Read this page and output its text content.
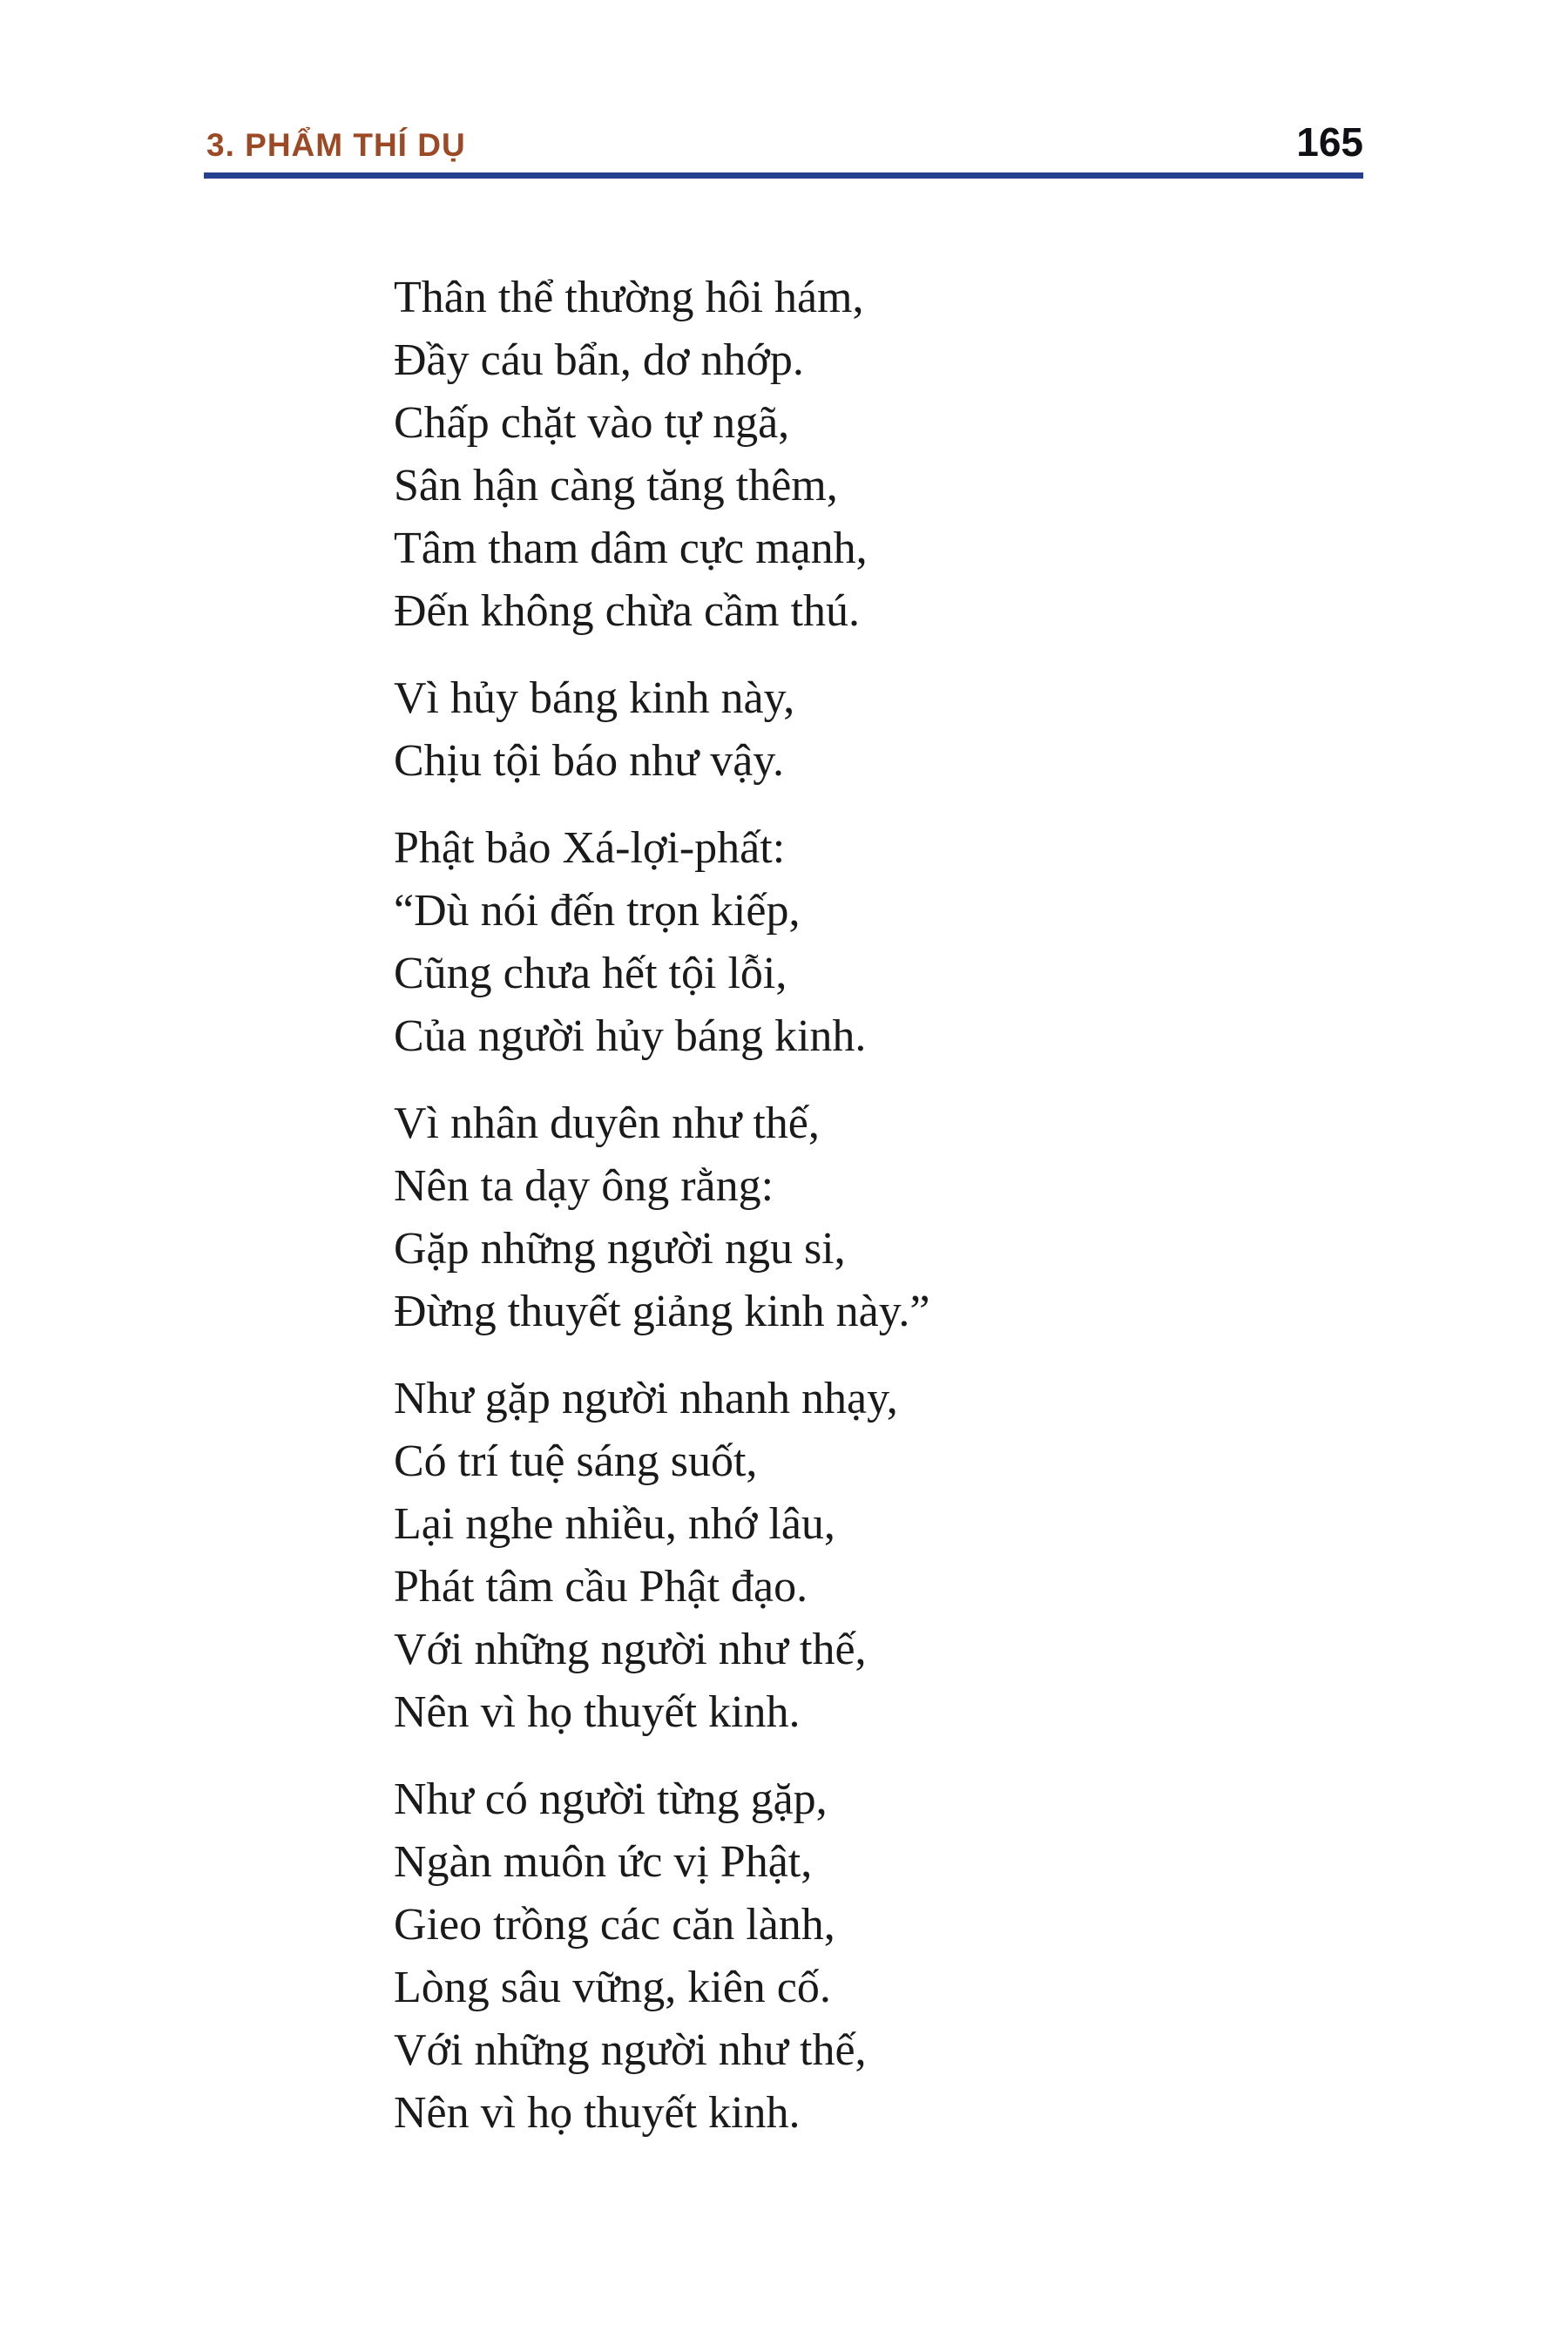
3. PHẨM THÍ DỤ	165

Thân thể thường hôi hám,

Đầy cáu bẩn, dơ nhớp.

Chấp chặt vào tự ngã,

Sân hận càng tăng thêm,

Tâm tham dâm cực mạnh,

Đến không chừa cầm thú.

Vì hủy báng kinh này,

Chịu tội báo như vậy.

Phật bảo Xá-lợi-phất:

“Dù nói đến trọn kiếp,

Cũng chưa hết tội lỗi,

Của người hủy báng kinh.

Vì nhân duyên như thế,

Nên ta dạy ông rằng:

Gặp những người ngu si,

Đừng thuyết giảng kinh này.”

Như gặp người nhanh nhạy,

Có trí tuệ sáng suốt,

Lại nghe nhiều, nhớ lâu,

Phát tâm cầu Phật đạo.

Với những người như thế,

Nên vì họ thuyết kinh.

Như có người từng gặp,

Ngàn muôn ức vị Phật,

Gieo trồng các căn lành,

Lòng sâu vững, kiên cố.

Với những người như thế,

Nên vì họ thuyết kinh.
